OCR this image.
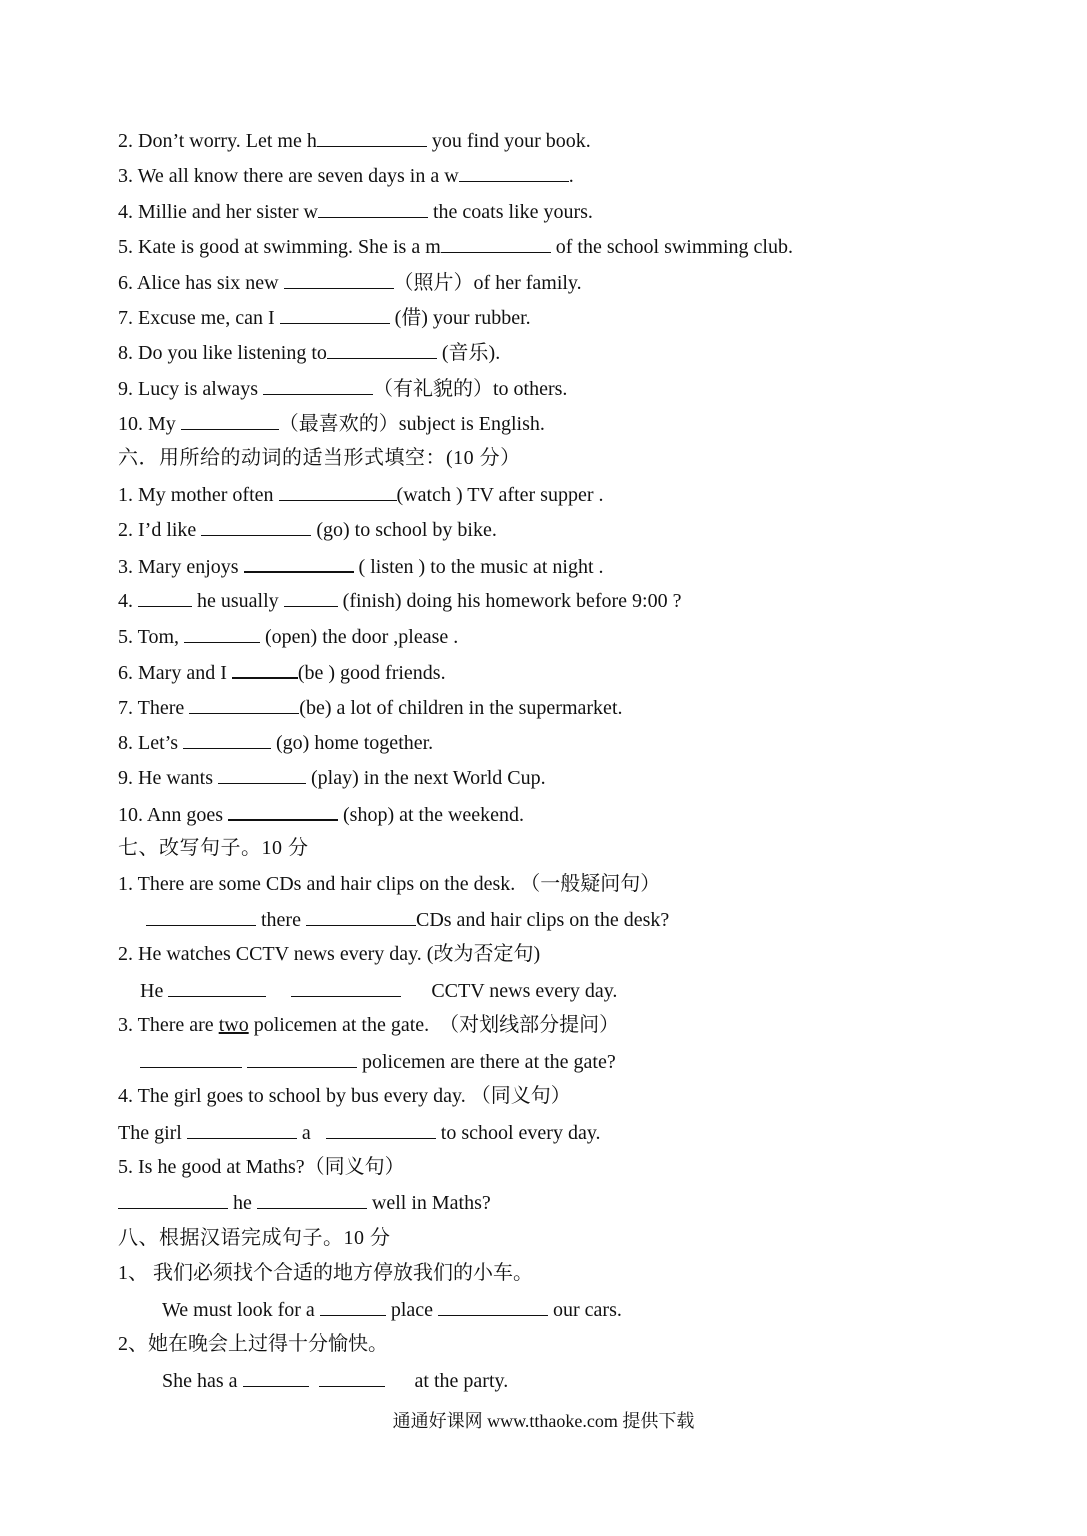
2. Don’t worry. Let me h	you find your book.
3. We all know there are seven days in a w	.
4. Millie and her sister w	the coats like yours.
5. Kate is good at swimming. She is a m	of the school swimming club.
6. Alice has six new	（照片）of her family.
7. Excuse me, can I	(借) your rubber.
8. Do you like listening to	(音乐).
9. Lucy is always	（有礼貌的）to others.
10. My	（最喜欢的）subject is English.
六．用所给的动词的适当形式填空：(10 分）
1. My mother often	(watch ) TV after supper .
2. I’d like	(go) to school by bike.
3. Mary enjoys	( listen ) to the music at night .
4.	he usually	(finish) doing his homework before 9:00 ?
5. Tom,	(open) the door ,please .
6. Mary and I	(be ) good friends.
7. There	(be) a lot of children in the supermarket.
8. Let’s	(go) home together.
9. He wants	(play) in the next World Cup.
10. Ann goes	(shop) at the weekend.
七、改写句子。10 分
1. There are some CDs and hair clips on the desk. （一般疑问句）
there	CDs and hair clips on the desk?
2. He watches CCTV news every day. (改为否定句)
He	CCTV news every day.
3. There are two policemen at the gate.  （对划线部分提问）
policemen are there at the gate?
4. The girl goes to school by bus every day. （同义句）
The girl	a	to school every day.
5. Is he good at Maths?（同义句）
he	well in Maths?
八、根据汉语完成句子。10 分
1、 我们必须找个合适的地方停放我们的小车。
We must look for a	place	our cars.
2、她在晚会上过得十分愉快。
She has a	at the party.
通通好课网 www.tthaoke.com 提供下载
